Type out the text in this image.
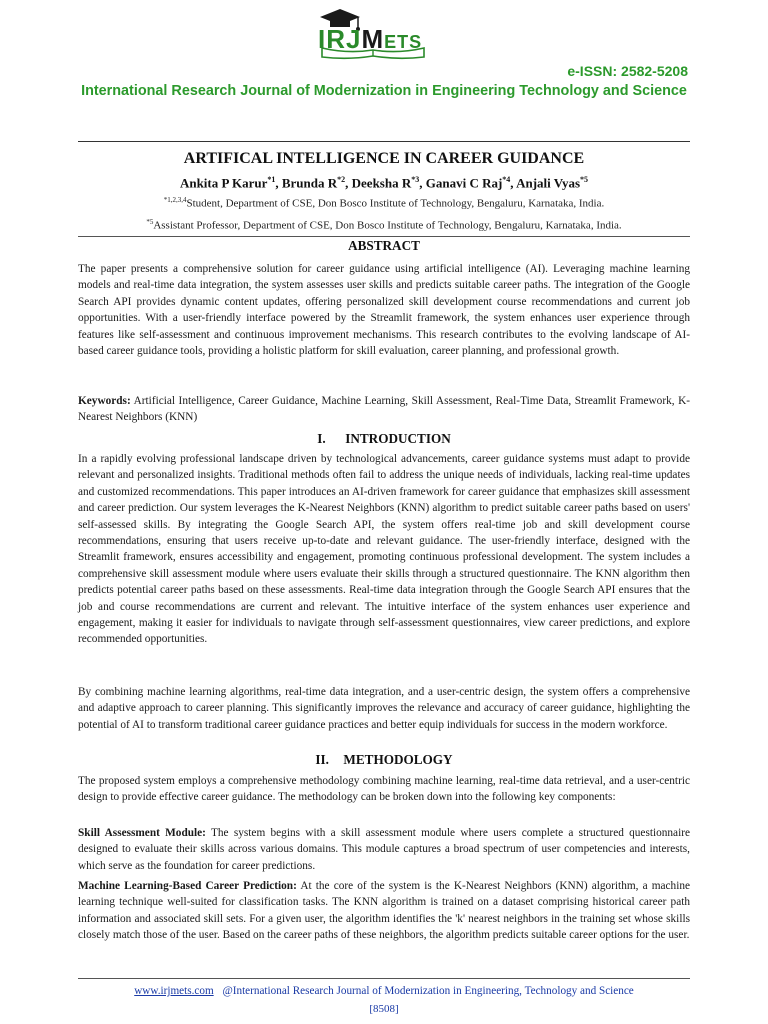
IRJMETS
e-ISSN: 2582-5208
International Research Journal of Modernization in Engineering Technology and Science
ARTIFICAL INTELLIGENCE IN CAREER GUIDANCE
Ankita P Karur$^{*1}$, Brunda $R^{*2}$, Deeksha $R^{*3}$, Ganavi C Raj$^{*4}$, Anjali Vyas$^{*5}$
$^{*1,2,3,4}$Student, Department of CSE, Don Bosco Institute of Technology, Bengaluru, Karnataka, India.
$^{*5}$Assistant Professor, Department of CSE, Don Bosco Institute of Technology, Bengaluru, Karnataka, India.
ABSTRACT
The paper presents a comprehensive solution for career guidance using artificial intelligence (AI). Leveraging machine learning models and real-time data integration, the system assesses user skills and predicts suitable career paths. The integration of the Google Search API provides dynamic content updates, offering personalized skill development course recommendations and current job opportunities. With a user-friendly interface powered by the Streamlit framework, the system enhances user experience through features like self-assessment and continuous improvement mechanisms. This research contributes to the evolving landscape of AI-based career guidance tools, providing a holistic platform for skill evaluation, career planning, and professional growth.
Keywords: Artificial Intelligence, Career Guidance, Machine Learning, Skill Assessment, Real-Time Data, Streamlit Framework, K-Nearest Neighbors (KNN)
I. INTRODUCTION
In a rapidly evolving professional landscape driven by technological advancements, career guidance systems must adapt to provide relevant and personalized insights. Traditional methods often fail to address the unique needs of individuals, lacking real-time updates and customized recommendations. This paper introduces an AI-driven framework for career guidance that emphasizes skill assessment and career prediction. Our system leverages the K-Nearest Neighbors (KNN) algorithm to predict suitable career paths based on users' self-assessed skills. By integrating the Google Search API, the system offers real-time job and skill development course recommendations, ensuring that users receive up-to-date and relevant guidance. The user-friendly interface, designed with the Streamlit framework, ensures accessibility and engagement, promoting continuous professional development. The system includes a comprehensive skill assessment module where users evaluate their skills through a structured questionnaire. The KNN algorithm then predicts potential career paths based on these assessments. Real-time data integration through the Google Search API ensures that the job and course recommendations are current and relevant. The intuitive interface of the system enhances user experience and engagement, making it easier for individuals to navigate through self-assessment questionnaires, view career predictions, and explore recommended opportunities.
By combining machine learning algorithms, real-time data integration, and a user-centric design, the system offers a comprehensive and adaptive approach to career planning. This significantly improves the relevance and accuracy of career guidance, highlighting the potential of AI to transform traditional career guidance practices and better equip individuals for success in the modern workforce.
II. METHODOLOGY
The proposed system employs a comprehensive methodology combining machine learning, real-time data retrieval, and a user-centric design to provide effective career guidance. The methodology can be broken down into the following key components:
Skill Assessment Module: The system begins with a skill assessment module where users complete a structured questionnaire designed to evaluate their skills across various domains. This module captures a broad spectrum of user competencies and interests, which serve as the foundation for career predictions.
Machine Learning-Based Career Prediction: At the core of the system is the K-Nearest Neighbors (KNN) algorithm, a machine learning technique well-suited for classification tasks. The KNN algorithm is trained on a dataset comprising historical career path information and associated skill sets. For a given user, the algorithm identifies the 'k' nearest neighbors in the training set whose skills closely match those of the user. Based on the career paths of these neighbors, the algorithm predicts suitable career options for the user.
www.irjmets.com @International Research Journal of Modernization in Engineering, Technology and Science
[8508]
